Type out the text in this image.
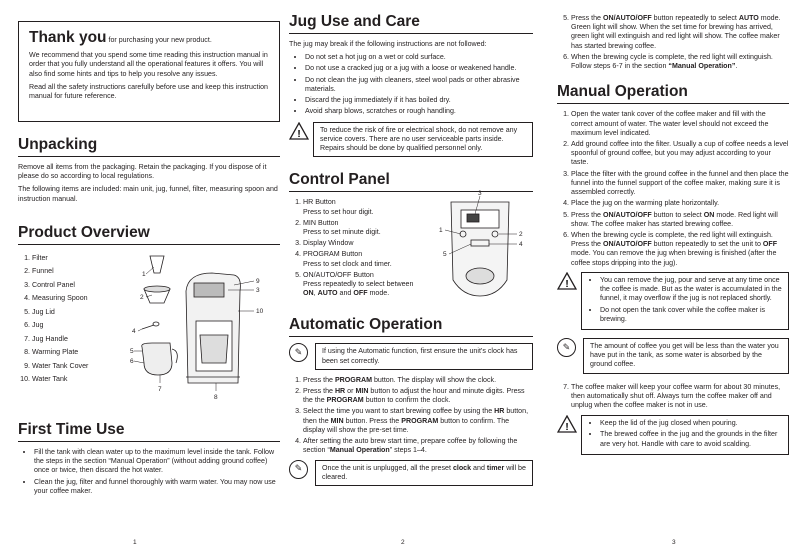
Thank you for purchasing your new product.

We recommend that you spend some time reading this instruction manual in order that you fully understand all the operational features it offers. You will also find some hints and tips to help you resolve any issues.

Read all the safety instructions carefully before use and keep this instruction manual for future reference.

Unpacking

Remove all items from the packaging. Retain the packaging. If you dispose of it please do so according to local regulations.

The following items are included: main unit, jug, funnel, filter, measuring spoon and instruction manual.

Product Overview
1. Filter
2. Funnel
3. Control Panel
4. Measuring Spoon
5. Jug Lid
6. Jug
7. Jug Handle
8. Warming Plate
9. Water Tank Cover
10. Water Tank
1
2
3
4
5
6
7
8
9
10
First Time Use
• Fill the tank with clean water up to the maximum level inside the tank. Follow the steps in the section “Manual Operation” (without adding ground coffee) once or twice, then discard the hot water.
• Clean the jug, filter and funnel thoroughly with warm water. You may now use your coffee maker.
1
Jug Use and Care

The jug may break if the following instructions are not followed:

• Do not set a hot jug on a wet or cold surface.
• Do not use a cracked jug or a jug with a loose or weakened handle.
• Do not clean the jug with cleaners, steel wool pads or other abrasive materials.
• Discard the jug immediately if it has boiled dry.
• Avoid sharp blows, scratches or rough handling.
!	To reduce the risk of fire or electrical shock, do not remove any service covers. There are no user serviceable parts inside. Repairs should be done by qualified personnel only.
Control Panel
1. HR Button
Press to set hour digit.
2. MIN Button
Press to set minute digit.
3. Display Window
4. PROGRAM Button
Press to set clock and timer.
5. ON/AUTO/OFF Button
Press repeatedly to select between
ON, AUTO and OFF mode.
3
1
2
4
5
Automatic Operation
✎	If using the Automatic function, first ensure the unit’s clock has been set correctly.
1. Press the PROGRAM button. The display will show the clock.
2. Press the HR or MIN button to adjust the hour and minute digits. Press the the PROGRAM button to confirm the clock.
3. Select the time you want to start brewing coffee by using the HR button, then the MIN button. Press the PROGRAM button to confirm. The display will show the pre-set time.
4. After setting the auto brew start time, prepare coffee by following the section “Manual Operation” steps 1–4.
✎	Once the unit is unplugged, all the preset clock and timer will be cleared.
2
5. Press the ON/AUTO/OFF button repeatedly to select AUTO mode. Green light will show. When the set time for brewing has arrived, green light will extinguish and red light will show. The coffee maker has started brewing coffee.
6. When the brewing cycle is complete, the red light will extinguish. Follow steps 6-7 in the section “Manual Operation”.
Manual Operation
1. Open the water tank cover of the coffee maker and fill with the correct amount of water. The water level should not exceed the maximum level indicated.
2. Add ground coffee into the filter. Usually a cup of coffee needs a level spoonful of ground coffee, but you may adjust according to your taste.
3. Place the filter with the ground coffee in the funnel and then place the funnel into the funnel support of the coffee maker, making sure it is assembled correctly.
4. Place the jug on the warming plate horizontally.
5. Press the ON/AUTO/OFF button to select ON mode. Red light will show. The coffee maker has started brewing coffee.
6. When the brewing cycle is complete, the red light will extinguish. Press the ON/AUTO/OFF button repeatedly to set the unit to OFF mode. You can remove the jug when brewing is finished (after the coffee stops dripping into the jug).
!	• You can remove the jug, pour and serve at any time once the coffee is made. But as the water is accumulated in the funnel, it may overflow if the jug is not replaced shortly.
• Do not open the tank cover while the coffee maker is brewing.
✎	The amount of coffee you get will be less than the water you have put in the tank, as some water is absorbed by the ground coffee.
7. The coffee maker will keep your coffee warm for about 30 minutes, then automatically shut off. Always turn the coffee maker off and unplug when the coffee maker is not in use.
!	• Keep the lid of the jug closed when pouring.
• The brewed coffee in the jug and the grounds in the filter are very hot. Handle with care to avoid scalding.
3
